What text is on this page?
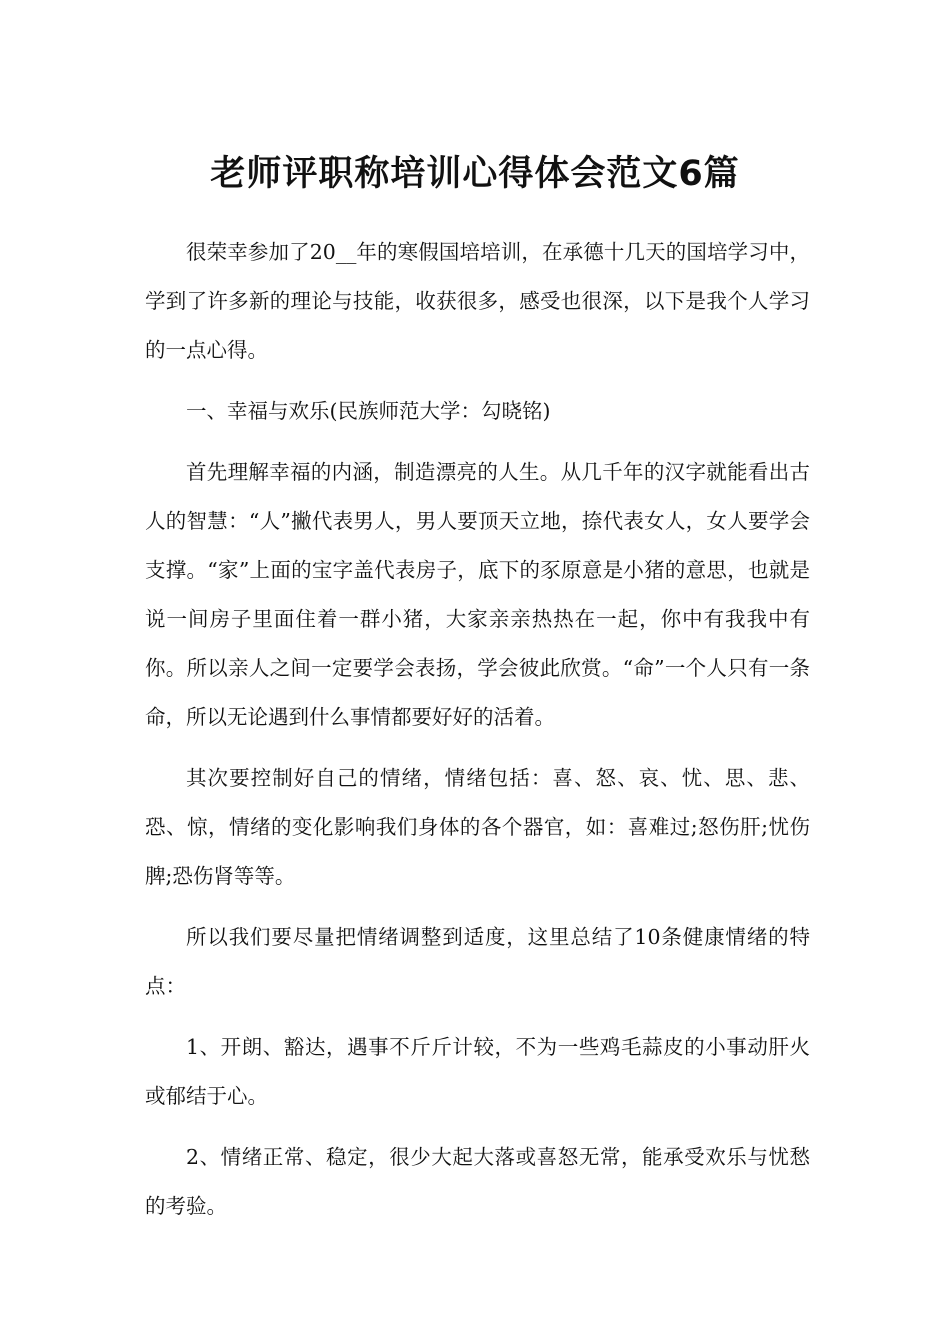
老师评职称培训心得体会范文6篇

很荣幸参加了20__年的寒假国培培训，在承德十几天的国培学习中，学到了许多新的理论与技能，收获很多，感受也很深，以下是我个人学习的一点心得。

一、幸福与欢乐(民族师范大学：勾晓铭)

首先理解幸福的内涵，制造漂亮的人生。从几千年的汉字就能看出古人的智慧：“人”撇代表男人，男人要顶天立地，捺代表女人，女人要学会支撑。“家”上面的宝字盖代表房子，底下的豕原意是小猪的意思，也就是说一间房子里面住着一群小猪，大家亲亲热热在一起，你中有我我中有你。所以亲人之间一定要学会表扬，学会彼此欣赏。“命”一个人只有一条命，所以无论遇到什么事情都要好好的活着。

其次要控制好自己的情绪，情绪包括：喜、怒、哀、忧、思、悲、恐、惊，情绪的变化影响我们身体的各个器官，如：喜难过;怒伤肝;忧伤脾;恐伤肾等等。

所以我们要尽量把情绪调整到适度，这里总结了10条健康情绪的特点：

1、开朗、豁达，遇事不斤斤计较，不为一些鸡毛蒜皮的小事动肝火或郁结于心。

2、情绪正常、稳定，很少大起大落或喜怒无常，能承受欢乐与忧愁的考验。
